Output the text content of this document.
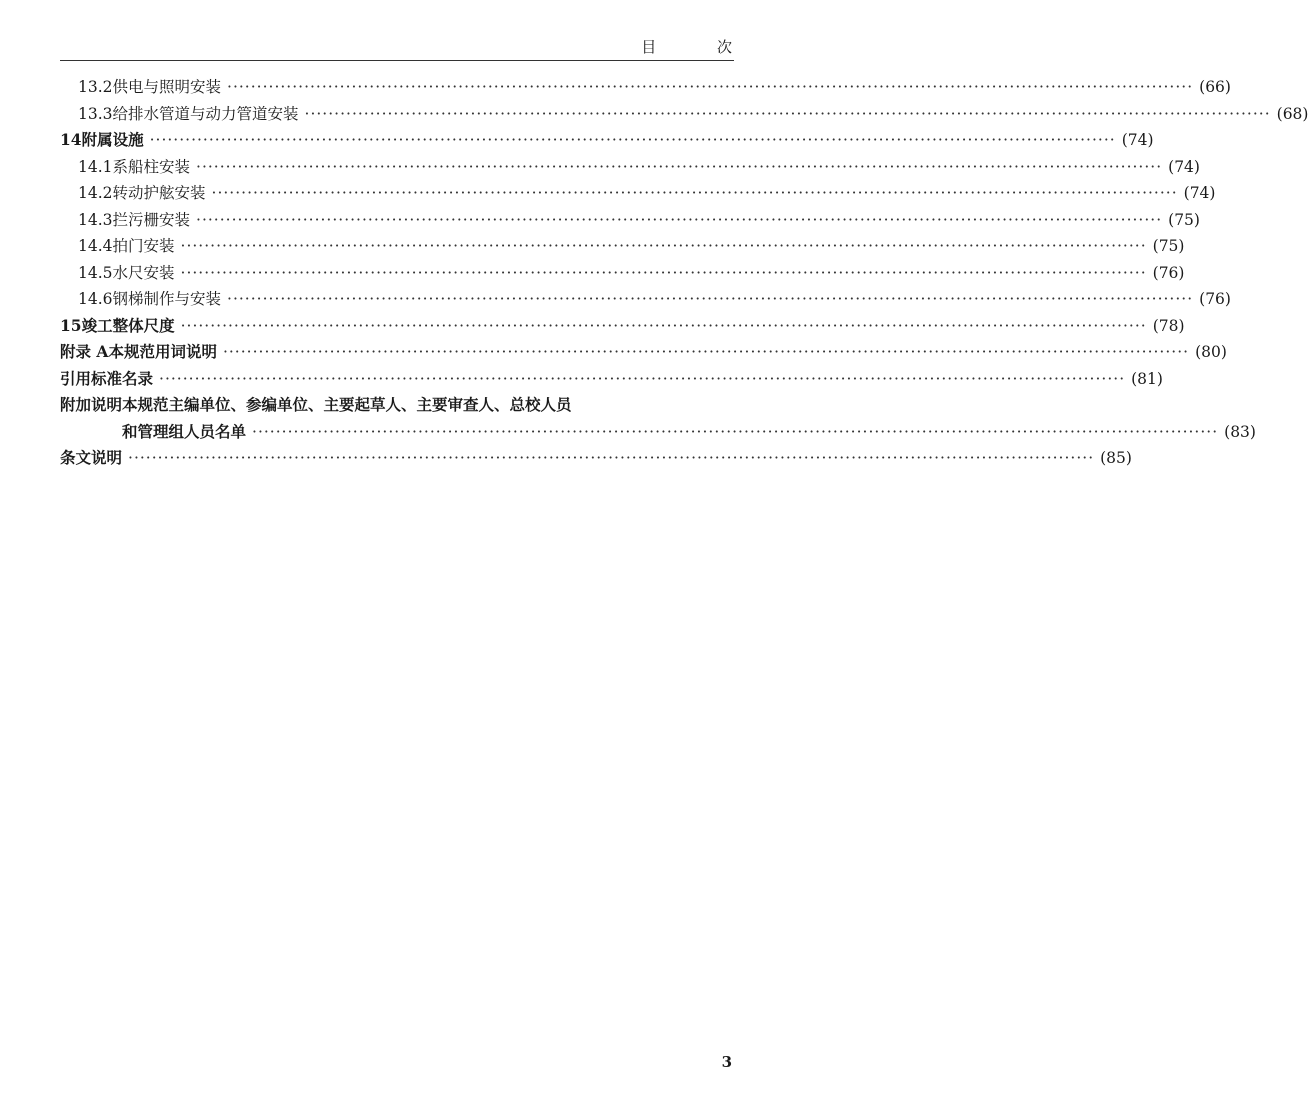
目 次
13.2 供电与照明安装 ·····	(66)
13.3 给排水管道与动力管道安装 ·····	(68)
14 附属设施 ·····	(74)
14.1 系船柱安装 ·····	(74)
14.2 转动护舷安装 ·····	(74)
14.3 拦污栅安装 ·····	(75)
14.4 拍门安装 ·····	(75)
14.5 水尺安装 ·····	(76)
14.6 钢梯制作与安装 ·····	(76)
15 竣工整体尺度 ·····	(78)
附录 A 本规范用词说明 ·····	(80)
引用标准名录 ·····	(81)
附加说明 本规范主编单位、参编单位、主要起草人、主要审查人、总校人员
和管理组人员名单 ·····	(83)
条文说明 ·····	(85)
3
